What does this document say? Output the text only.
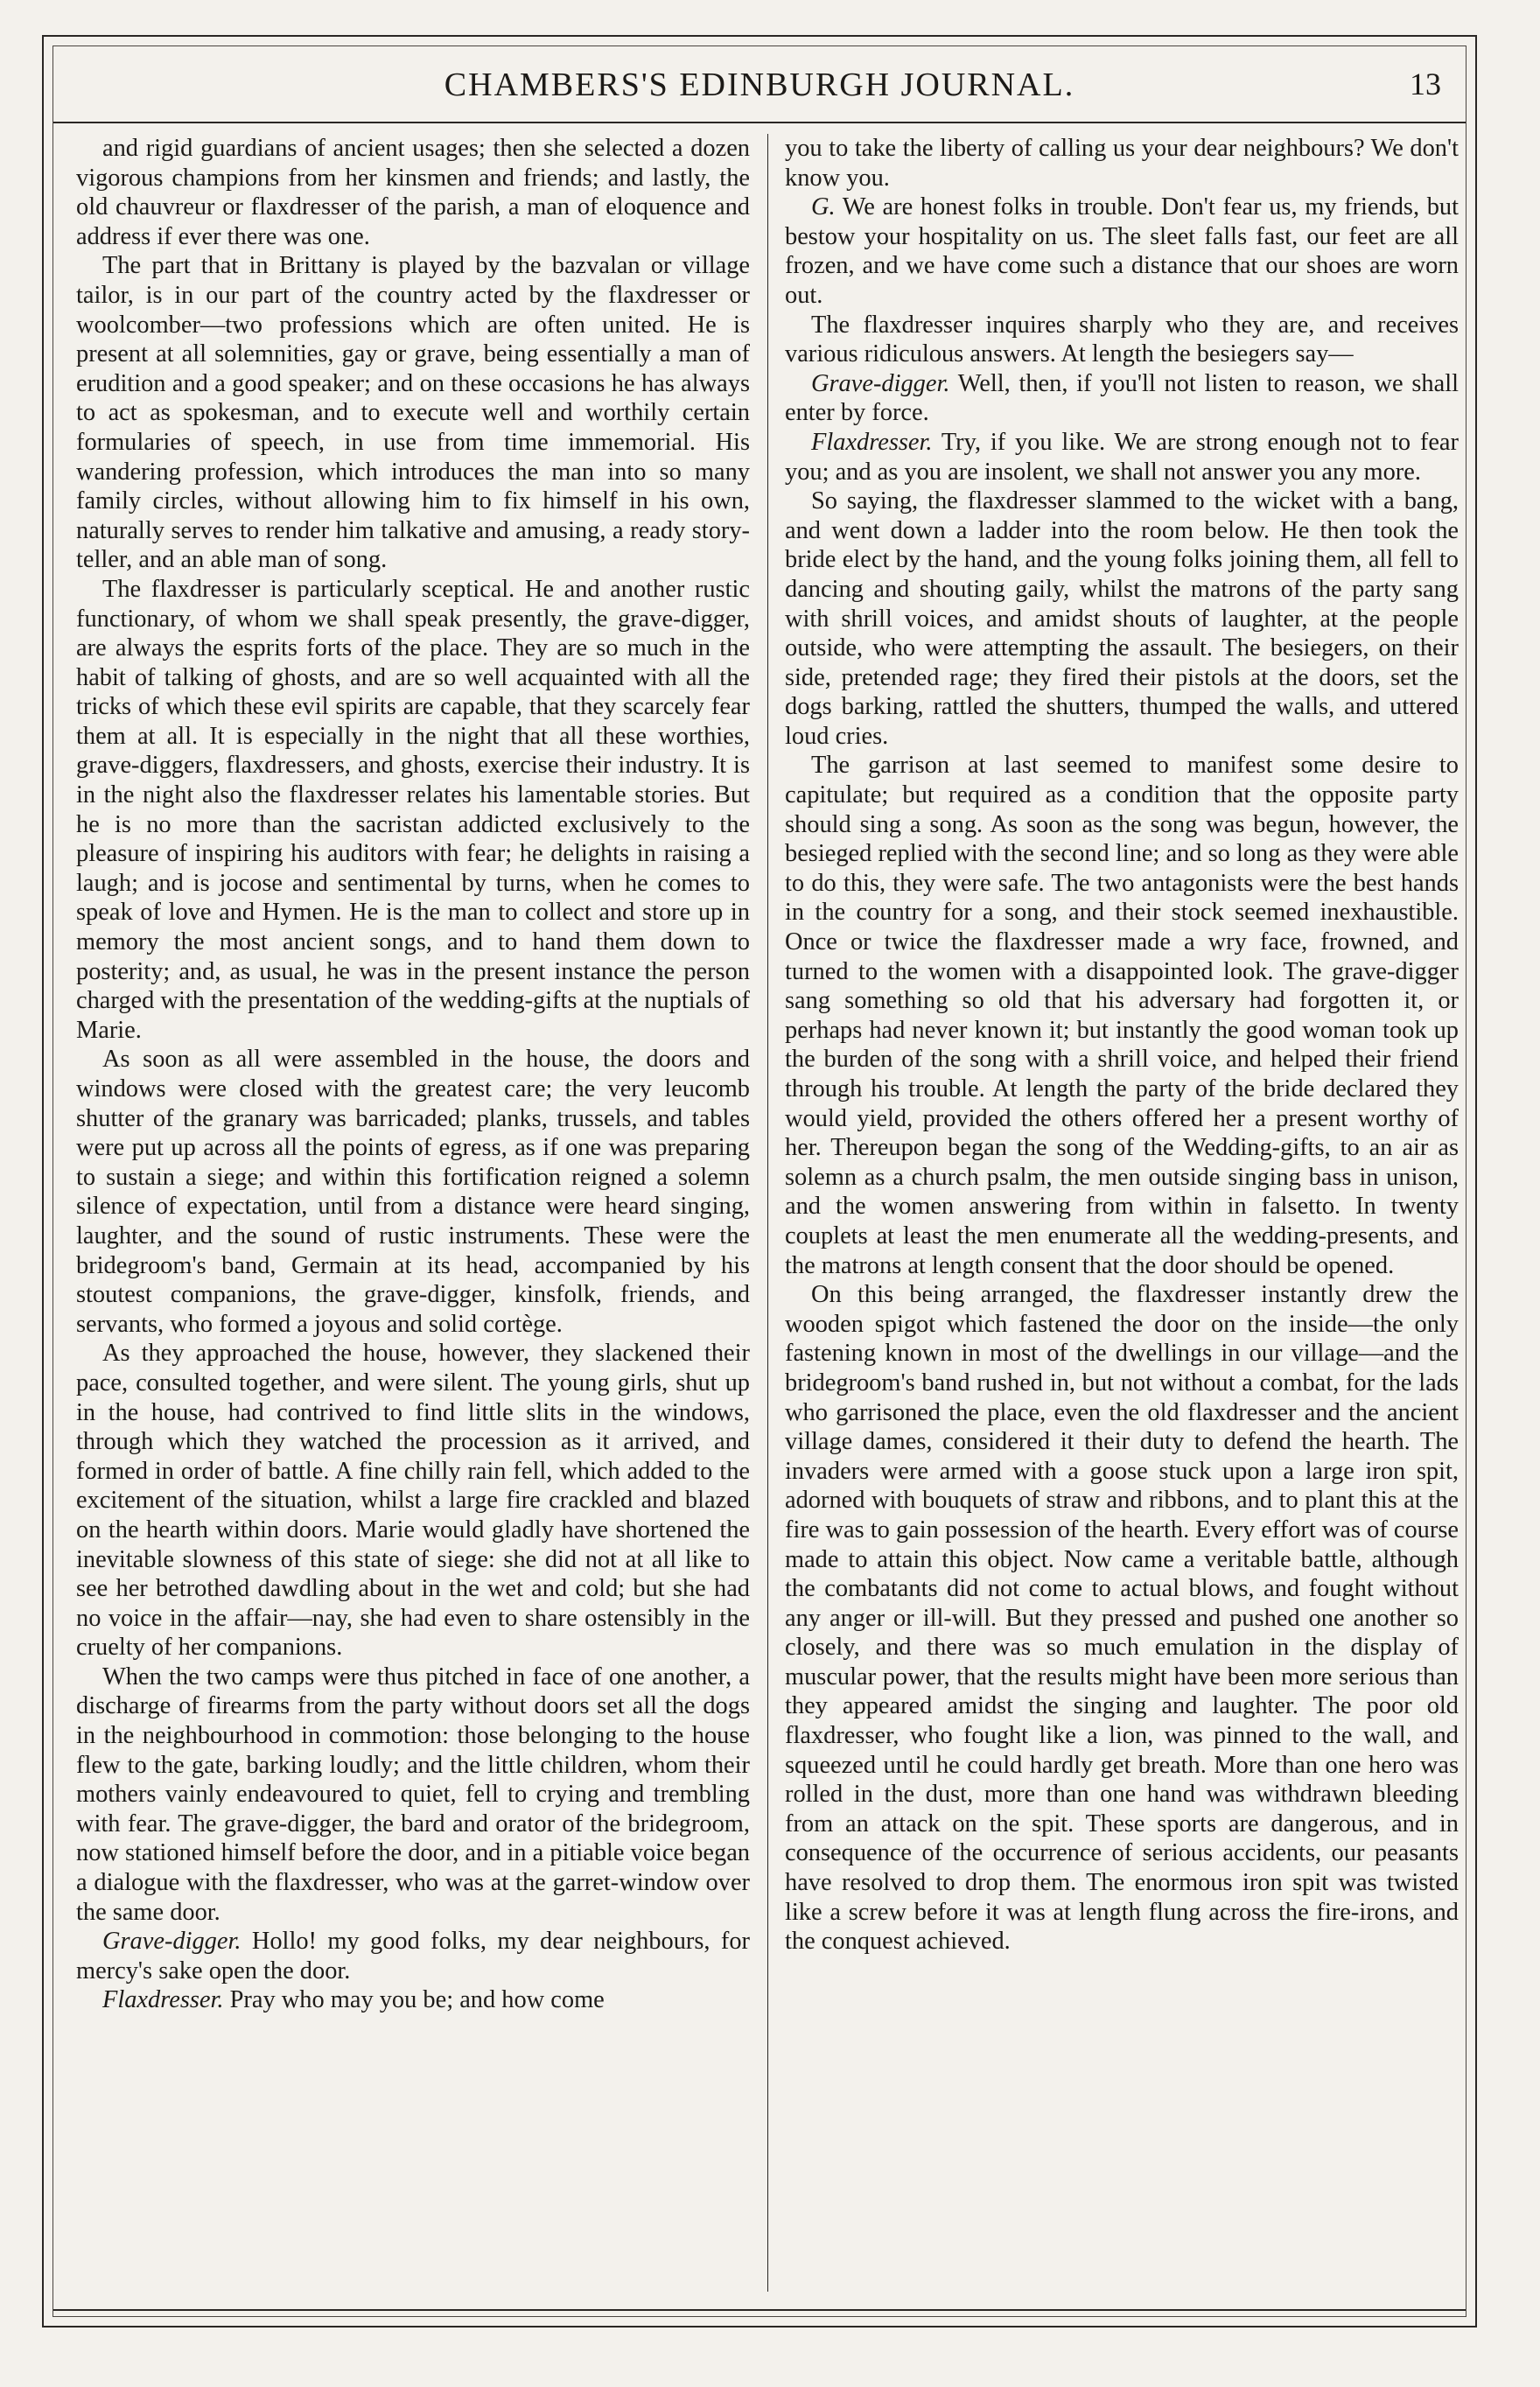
CHAMBERS'S EDINBURGH JOURNAL.	13

and rigid guardians of ancient usages; then she selected a dozen vigorous champions from her kinsmen and friends; and lastly, the old chauvreur or flaxdresser of the parish, a man of eloquence and address if ever there was one.

The part that in Brittany is played by the bazvalan or village tailor, is in our part of the country acted by the flaxdresser or woolcomber—two professions which are often united. He is present at all solemnities, gay or grave, being essentially a man of erudition and a good speaker; and on these occasions he has always to act as spokesman, and to execute well and worthily certain formularies of speech, in use from time immemorial. His wandering profession, which introduces the man into so many family circles, without allowing him to fix himself in his own, naturally serves to render him talkative and amusing, a ready story-teller, and an able man of song.

The flaxdresser is particularly sceptical. He and another rustic functionary, of whom we shall speak presently, the grave-digger, are always the esprits forts of the place. They are so much in the habit of talking of ghosts, and are so well acquainted with all the tricks of which these evil spirits are capable, that they scarcely fear them at all. It is especially in the night that all these worthies, grave-diggers, flaxdressers, and ghosts, exercise their industry. It is in the night also the flaxdresser relates his lamentable stories. But he is no more than the sacristan addicted exclusively to the pleasure of inspiring his auditors with fear; he delights in raising a laugh; and is jocose and sentimental by turns, when he comes to speak of love and Hymen. He is the man to collect and store up in memory the most ancient songs, and to hand them down to posterity; and, as usual, he was in the present instance the person charged with the presentation of the wedding-gifts at the nuptials of Marie.

As soon as all were assembled in the house, the doors and windows were closed with the greatest care; the very leucomb shutter of the granary was barricaded; planks, trussels, and tables were put up across all the points of egress, as if one was preparing to sustain a siege; and within this fortification reigned a solemn silence of expectation, until from a distance were heard singing, laughter, and the sound of rustic instruments. These were the bridegroom's band, Germain at its head, accompanied by his stoutest companions, the grave-digger, kinsfolk, friends, and servants, who formed a joyous and solid cortège.

As they approached the house, however, they slackened their pace, consulted together, and were silent. The young girls, shut up in the house, had contrived to find little slits in the windows, through which they watched the procession as it arrived, and formed in order of battle. A fine chilly rain fell, which added to the excitement of the situation, whilst a large fire crackled and blazed on the hearth within doors. Marie would gladly have shortened the inevitable slowness of this state of siege: she did not at all like to see her betrothed dawdling about in the wet and cold; but she had no voice in the affair—nay, she had even to share ostensibly in the cruelty of her companions.

When the two camps were thus pitched in face of one another, a discharge of firearms from the party without doors set all the dogs in the neighbourhood in commotion: those belonging to the house flew to the gate, barking loudly; and the little children, whom their mothers vainly endeavoured to quiet, fell to crying and trembling with fear. The grave-digger, the bard and orator of the bridegroom, now stationed himself before the door, and in a pitiable voice began a dialogue with the flaxdresser, who was at the garret-window over the same door.

Grave-digger. Hollo! my good folks, my dear neighbours, for mercy's sake open the door.

Flaxdresser. Pray who may you be; and how come

you to take the liberty of calling us your dear neighbours? We don't know you.

G. We are honest folks in trouble. Don't fear us, my friends, but bestow your hospitality on us. The sleet falls fast, our feet are all frozen, and we have come such a distance that our shoes are worn out.

The flaxdresser inquires sharply who they are, and receives various ridiculous answers. At length the besiegers say—

Grave-digger. Well, then, if you'll not listen to reason, we shall enter by force.

Flaxdresser. Try, if you like. We are strong enough not to fear you; and as you are insolent, we shall not answer you any more.

So saying, the flaxdresser slammed to the wicket with a bang, and went down a ladder into the room below. He then took the bride elect by the hand, and the young folks joining them, all fell to dancing and shouting gaily, whilst the matrons of the party sang with shrill voices, and amidst shouts of laughter, at the people outside, who were attempting the assault. The besiegers, on their side, pretended rage; they fired their pistols at the doors, set the dogs barking, rattled the shutters, thumped the walls, and uttered loud cries.

The garrison at last seemed to manifest some desire to capitulate; but required as a condition that the opposite party should sing a song. As soon as the song was begun, however, the besieged replied with the second line; and so long as they were able to do this, they were safe. The two antagonists were the best hands in the country for a song, and their stock seemed inexhaustible. Once or twice the flaxdresser made a wry face, frowned, and turned to the women with a disappointed look. The grave-digger sang something so old that his adversary had forgotten it, or perhaps had never known it; but instantly the good woman took up the burden of the song with a shrill voice, and helped their friend through his trouble. At length the party of the bride declared they would yield, provided the others offered her a present worthy of her. Thereupon began the song of the Wedding-gifts, to an air as solemn as a church psalm, the men outside singing bass in unison, and the women answering from within in falsetto. In twenty couplets at least the men enumerate all the wedding-presents, and the matrons at length consent that the door should be opened.

On this being arranged, the flaxdresser instantly drew the wooden spigot which fastened the door on the inside—the only fastening known in most of the dwellings in our village—and the bridegroom's band rushed in, but not without a combat, for the lads who garrisoned the place, even the old flaxdresser and the ancient village dames, considered it their duty to defend the hearth. The invaders were armed with a goose stuck upon a large iron spit, adorned with bouquets of straw and ribbons, and to plant this at the fire was to gain possession of the hearth. Every effort was of course made to attain this object. Now came a veritable battle, although the combatants did not come to actual blows, and fought without any anger or ill-will. But they pressed and pushed one another so closely, and there was so much emulation in the display of muscular power, that the results might have been more serious than they appeared amidst the singing and laughter. The poor old flaxdresser, who fought like a lion, was pinned to the wall, and squeezed until he could hardly get breath. More than one hero was rolled in the dust, more than one hand was withdrawn bleeding from an attack on the spit. These sports are dangerous, and in consequence of the occurrence of serious accidents, our peasants have resolved to drop them. The enormous iron spit was twisted like a screw before it was at length flung across the fire-irons, and the conquest achieved.
